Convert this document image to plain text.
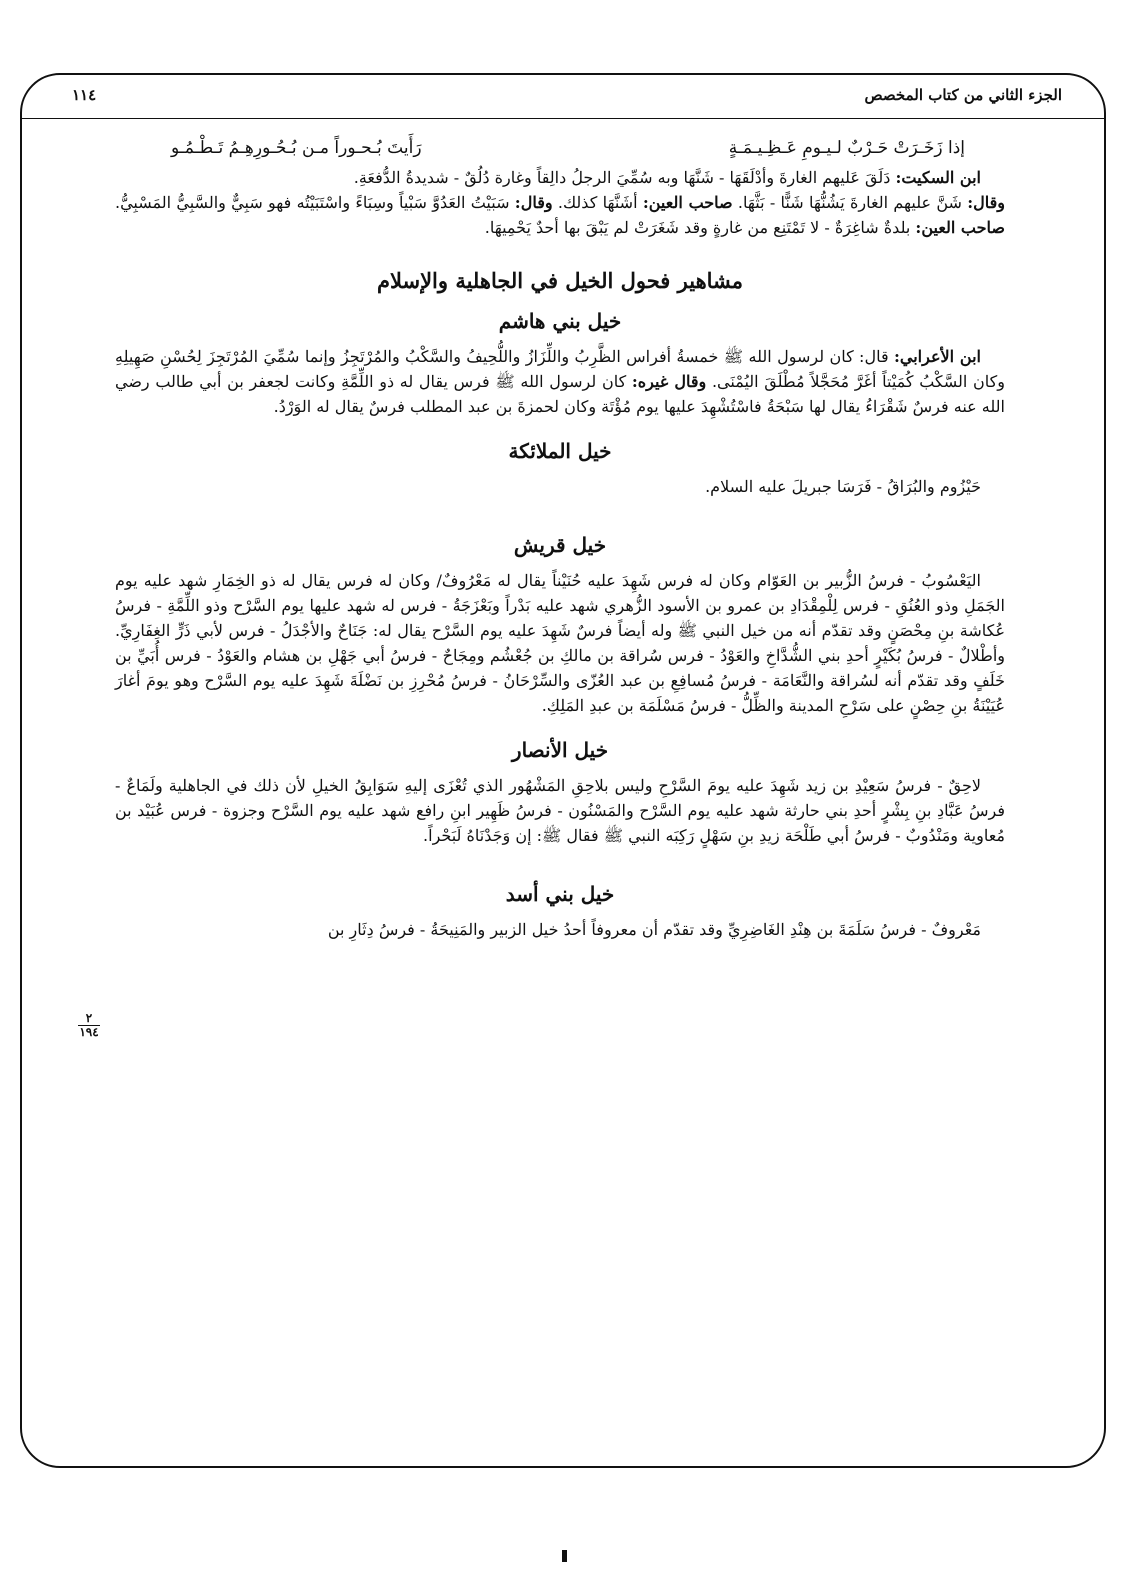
الجزء الثاني من كتاب المخصص
١١٤
٢
١٩٤
إذا زَخَـرَتْ حَـرْبٌ لـيـومِ عَـظِـيـمَـةٍ
رَأَيتَ بُـحـوراً مـن بُـحُـورِهِـمُ تَـطْـمُـو

ابن السكيت: دَلَقَ عَليهم الغارةَ وأدْلَقَهَا - شَنَّهَا وبه سُمِّيَ الرجلُ دالِقاً وغارة دُلُقٌ - شديدةُ الدُّفعَةِ.

وقال: شَنَّ عليهم الغارةَ يَشُنُّهَا شَنًّا - بَثَّهَا. صاحب العين: أشَنَّهَا كذلك. وقال: سَبَيْتُ العَدُوَّ سَبْياً وسِبَاءً واسْتَبَيْتُه فهو سَبِيٌّ والسَّبِيُّ المَسْبِيُّ. صاحب العين: بلدةٌ شاغِرَةٌ - لا تَمْتَنِع من غارةٍ وقد شَغَرَتْ لم يَبْقَ بها أحدٌ يَحْمِيهَا.

مشاهير فحول الخيل في الجاهلية والإسلام
خيل بني هاشم

ابن الأعرابي: قال: كان لرسول الله ﷺ خمسةُ أفراس الظَّرِبُ واللِّزَازُ واللُّحِيفُ والسَّكْبُ والمُرْتَجِزُ وإنما سُمِّيَ المُرْتَجِزَ لِحُسْنِ صَهِيلِهِ وكان السَّكْبُ كُمَيْتاً أغَرَّ مُحَجَّلاً مُطْلَقَ اليُمْنَى. وقال غيره: كان لرسول الله ﷺ فرس يقال له ذو اللِّمَّةِ وكانت لجعفر بن أبي طالب رضي الله عنه فرسٌ شَقْرَاءُ يقال لها سَبْحَةُ فاسْتُشْهِدَ عليها يوم مُؤْتَة وكان لحمزةَ بن عبد المطلب فرسٌ يقال له الوَرْدُ.

خيل الملائكة

حَيْزُوم والبُرَاقُ - فَرَسَا جبريلَ عليه السلام.

خيل قريش

اليَعْسُوبُ - فرسُ الزُّبير بن العَوّام وكان له فرس شَهِدَ عليه حُنَيْناً يقال له مَعْرُوفٌ/ وكان له فرس يقال له ذو الخِمَارِ شهد عليه يوم الجَمَلِ وذو العُنُقِ - فرس لِلْمِقْدَادِ بن عمرو بن الأسود الزُّهري شهد عليه بَدْراً وبَعْزَجَةُ - فرس له شهد عليها يوم السَّرْح وذو اللِّمَّةِ - فرسُ عُكاشة بنِ مِحْصَنٍ وقد تقدّم أنه من خيل النبي ﷺ وله أيضاً فرسٌ شَهِدَ عليه يوم السَّرْح يقال له: جَنَاحٌ والأجْدَلُ - فرس لأبي ذَرٍّ الغِفَارِيِّ. وأطْلالٌ - فرسُ بُكَيْرٍ أحدِ بني الشُّدَّاخِ والعَوْدُ - فرس سُراقة بن مالكِ بن جُعْشُم ومِجَاحٌ - فرسُ أبي جَهْلِ بن هشام والعَوْدُ - فرس أُبَيِّ بن خَلَفٍ وقد تقدّم أنه لسُراقة والنَّعَامَة - فرسُ مُسافِعِ بن عبد العُزّى والسِّرْحَانُ - فرسُ مُحْرِزِ بن نَضْلَةَ شَهِدَ عليه يوم السَّرْح وهو يومَ أغارَ عُيَيْنَةُ بنِ حِصْنٍ على سَرْحِ المدينة والظِّلُّ - فرسُ مَسْلَمَة بن عبدِ المَلِكِ.

خيل الأنصار

لاحِقٌ - فرسُ سَعِيْدِ بن زيد شَهِدَ عليه يومَ السَّرْحِ وليس بلاحِقِ المَشْهُور الذي تُعْزَى إليهِ سَوَابِقُ الخيلِ لأن ذلك في الجاهلية ولَمَاعٌ - فرسُ عَبَّادِ بنِ بِشْرٍ أحدِ بني حارثة شهد عليه يوم السَّرْح والمَسْنُون - فرسُ ظَهِير ابنِ رافع شهد عليه يوم السَّرْح وجزوة - فرس عُبَيْد بن مُعاوية ومَنْدُوبٌ - فرسُ أبي طَلْحَة زيدِ بنِ سَهْلٍ رَكِبَه النبي ﷺ فقال ﷺ: إن وَجَدْنَاهُ لَبَحْراً.

خيل بني أسد

مَعْروفٌ - فرسُ سَلَمَةَ بن هِنْدِ الغَاضِرِيِّ وقد تقدّم أن معروفاً أحدُ خيل الزبير والمَنِيحَةُ - فرسُ دِثَارِ بن
